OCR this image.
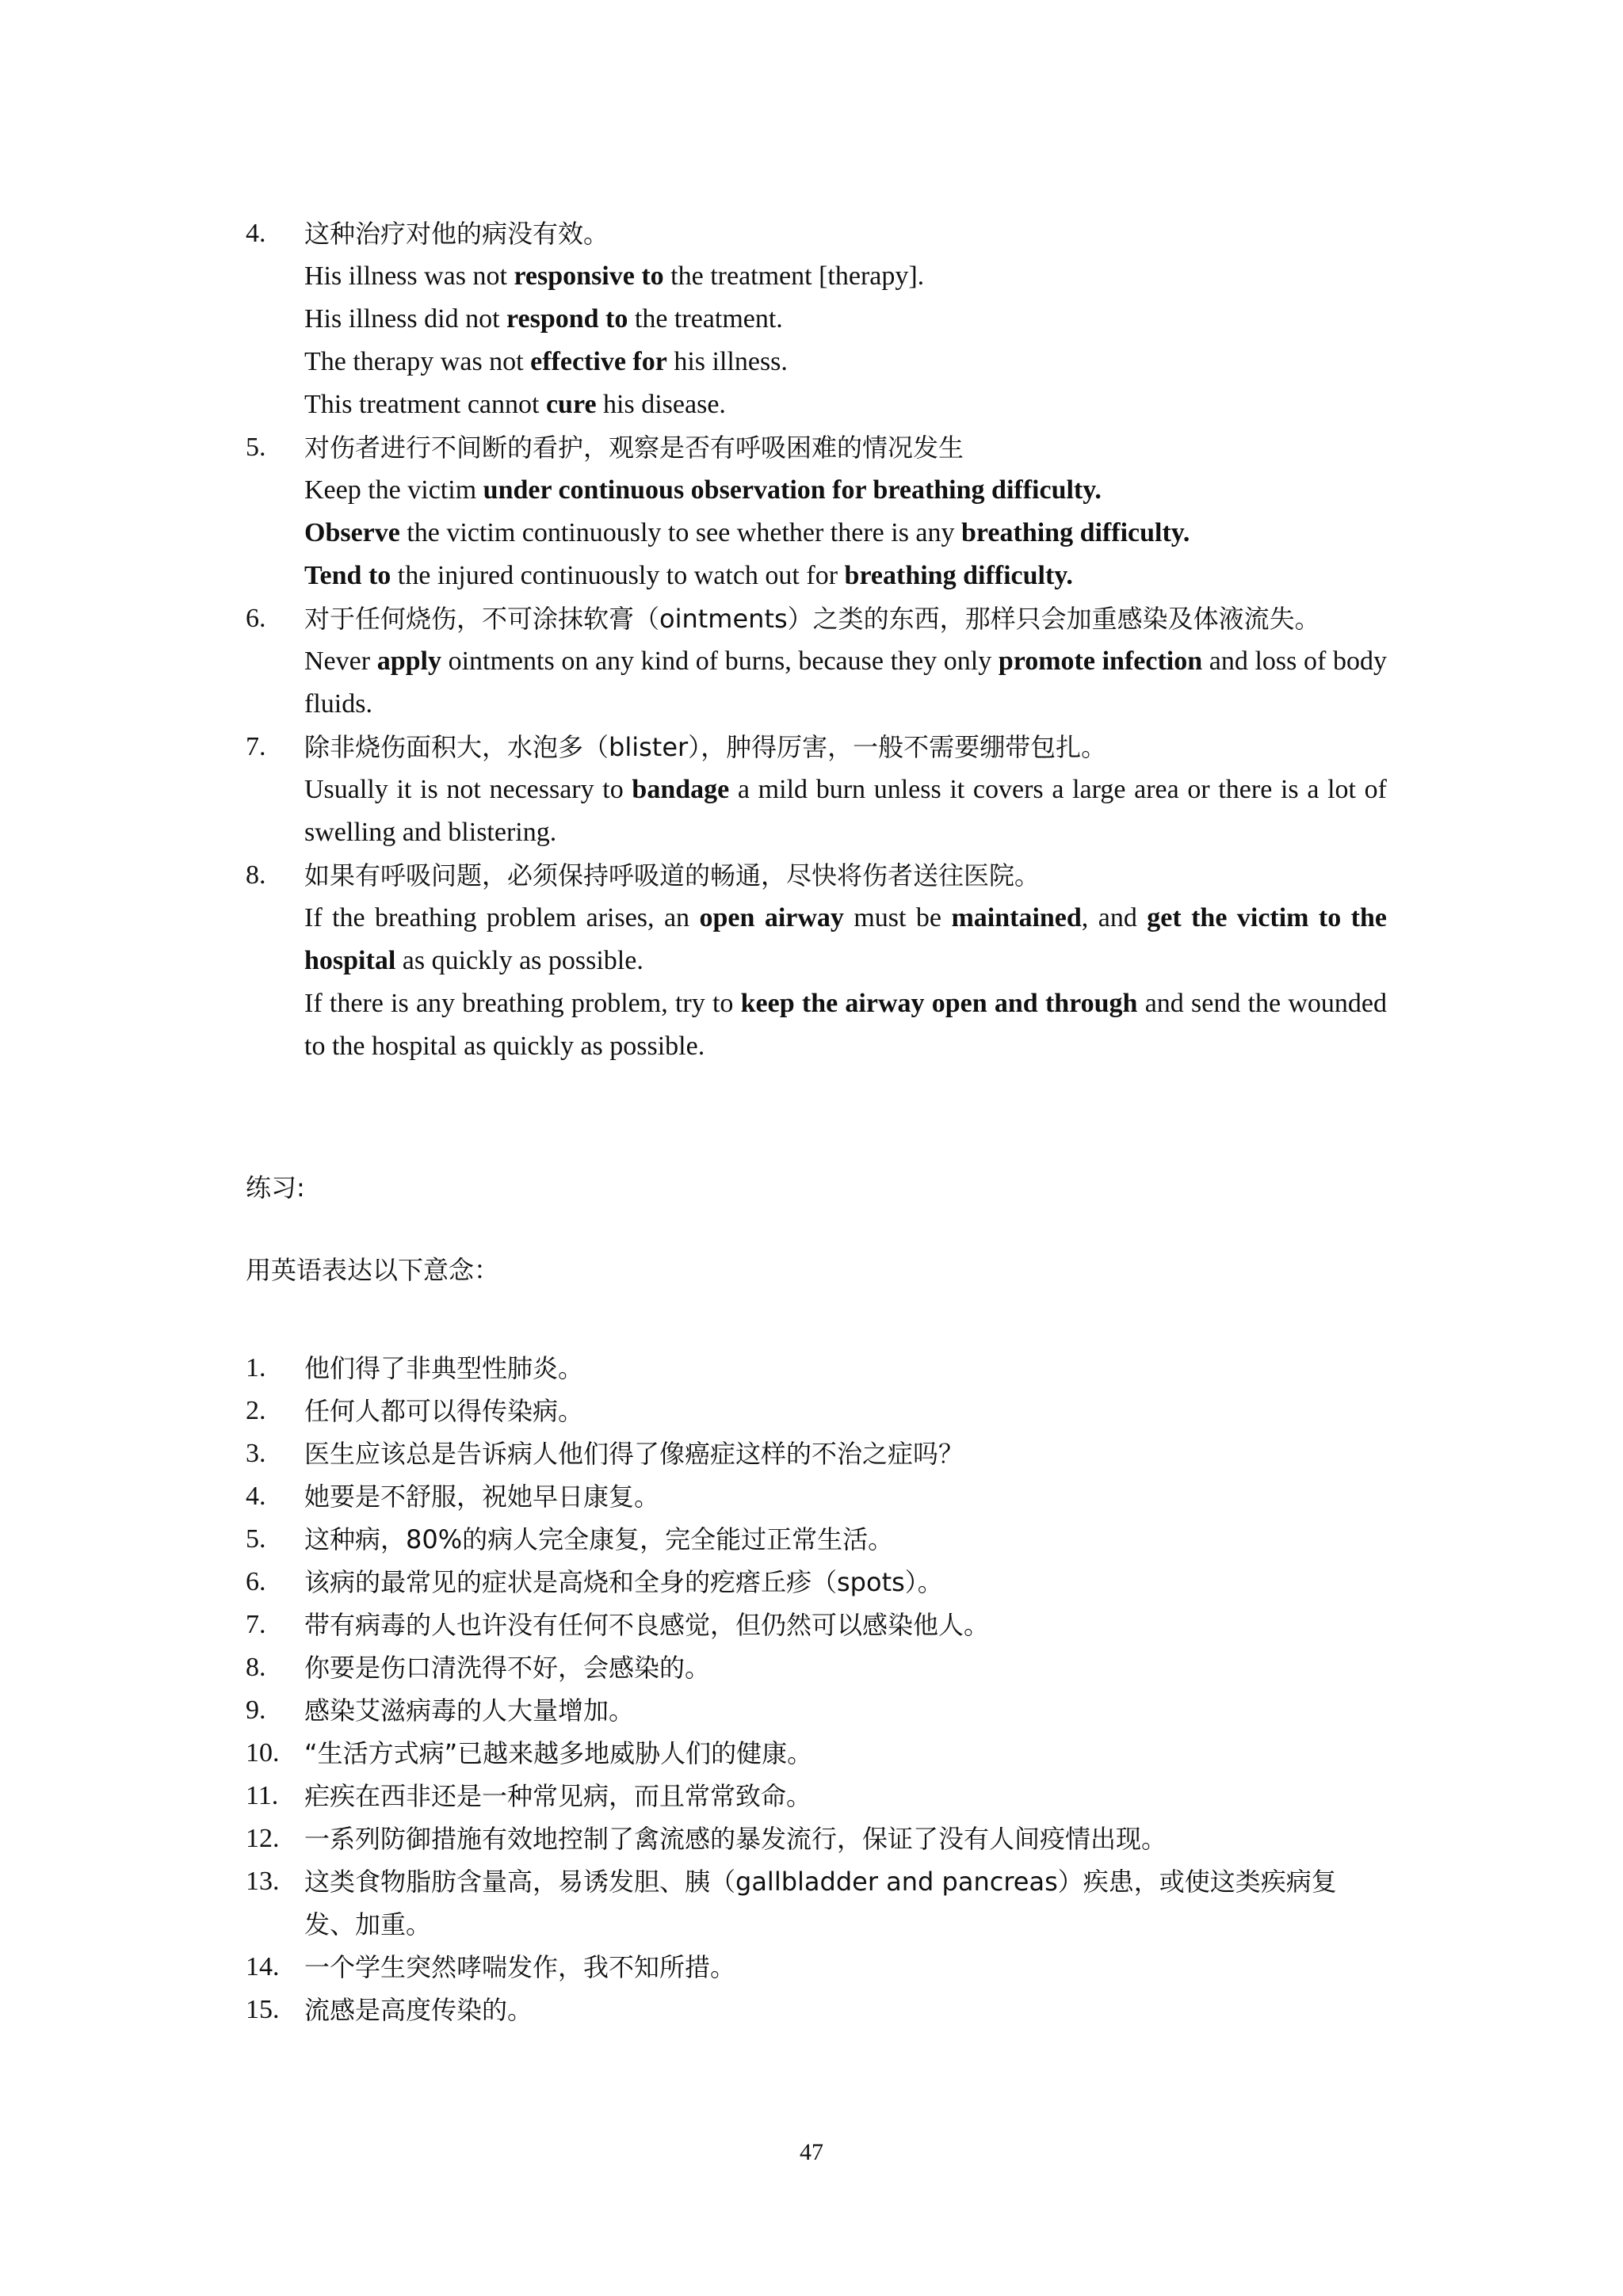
4. 这种治疗对他的病没有效。
His illness was not responsive to the treatment [therapy].
His illness did not respond to the treatment.
The therapy was not effective for his illness.
This treatment cannot cure his disease.
5. 对伤者进行不间断的看护，观察是否有呼吸困难的情况发生
Keep the victim under continuous observation for breathing difficulty.
Observe the victim continuously to see whether there is any breathing difficulty.
Tend to the injured continuously to watch out for breathing difficulty.
6. 对于任何烧伤，不可涂抹软膏（ointments）之类的东西，那样只会加重感染及体液流失。
Never apply ointments on any kind of burns, because they only promote infection and loss of body fluids.
7. 除非烧伤面积大，水泡多（blister），肿得厉害，一般不需要绷带包扎。
Usually it is not necessary to bandage a mild burn unless it covers a large area or there is a lot of swelling and blistering.
8. 如果有呼吸问题，必须保持呼吸道的畅通，尽快将伤者送往医院。
If the breathing problem arises, an open airway must be maintained, and get the victim to the hospital as quickly as possible.
If there is any breathing problem, try to keep the airway open and through and send the wounded to the hospital as quickly as possible.
练习:
用英语表达以下意念：
1. 他们得了非典型性肺炎。
2. 任何人都可以得传染病。
3. 医生应该总是告诉病人他们得了像癌症这样的不治之症吗？
4. 她要是不舒服，祝她早日康复。
5. 这种病，80%的病人完全康复，完全能过正常生活。
6. 该病的最常见的症状是高烧和全身的疙瘩丘疹（spots）。
7. 带有病毒的人也许没有任何不良感觉，但仍然可以感染他人。
8. 你要是伤口清洗得不好，会感染的。
9. 感染艾滋病毒的人大量增加。
10. “生活方式病”已越来越多地威胁人们的健康。
11. 疟疾在西非还是一种常见病，而且常常致命。
12. 一系列防御措施有效地控制了禽流感的暴发流行，保证了没有人间疫情出现。
13. 这类食物脂肪含量高，易诱发胆、胰（gallbladder and pancreas）疾患，或使这类疾病复发、加重。
14. 一个学生突然哮喘发作，我不知所措。
15. 流感是高度传染的。
47
